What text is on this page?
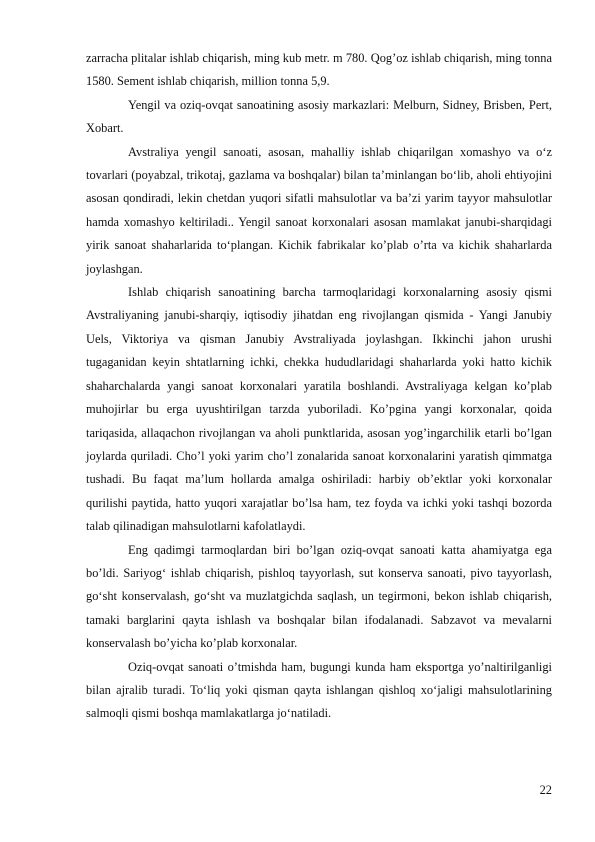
zarracha plitalar ishlab chiqarish, ming kub metr. m 780. Qog’oz ishlab chiqarish, ming tonna 1580. Sement ishlab chiqarish, million tonna 5,9.

Yengil va oziq-ovqat sanoatining asosiy markazlari: Melburn, Sidney, Brisben, Pert, Xobart.

Avstraliya yengil sanoati, asosan, mahalliy ishlab chiqarilgan xomashyo va o‘z tovarlari (poyabzal, trikotaj, gazlama va boshqalar) bilan ta’minlangan bo‘lib, aholi ehtiyojini asosan qondiradi, lekin chetdan yuqori sifatli mahsulotlar va ba’zi yarim tayyor mahsulotlar hamda xomashyo keltiriladi.. Yengil sanoat korxonalari asosan mamlakat janubi-sharqidagi yirik sanoat shaharlarida to‘plangan. Kichik fabrikalar ko’plab o’rta va kichik shaharlarda joylashgan.

Ishlab chiqarish sanoatining barcha tarmoqlaridagi korxonalarning asosiy qismi Avstraliyaning janubi-sharqiy, iqtisodiy jihatdan eng rivojlangan qismida - Yangi Janubiy Uels, Viktoriya va qisman Janubiy Avstraliyada joylashgan. Ikkinchi jahon urushi tugaganidan keyin shtatlarning ichki, chekka hududlaridagi shaharlarda yoki hatto kichik shaharchalarda yangi sanoat korxonalari yaratila boshlandi. Avstraliyaga kelgan ko’plab muhojirlar bu erga uyushtirilgan tarzda yuboriladi. Ko’pgina yangi korxonalar, qoida tariqasida, allaqachon rivojlangan va aholi punktlarida, asosan yog’ingarchilik etarli bo’lgan joylarda quriladi. Cho’l yoki yarim cho’l zonalarida sanoat korxonalarini yaratish qimmatga tushadi. Bu faqat ma’lum hollarda amalga oshiriladi: harbiy ob’ektlar yoki korxonalar qurilishi paytida, hatto yuqori xarajatlar bo’lsa ham, tez foyda va ichki yoki tashqi bozorda talab qilinadigan mahsulotlarni kafolatlaydi.

Eng qadimgi tarmoqlardan biri bo’lgan oziq-ovqat sanoati katta ahamiyatga ega bo’ldi. Sariyog‘ ishlab chiqarish, pishloq tayyorlash, sut konserva sanoati, pivo tayyorlash, go‘sht konservalash, go‘sht va muzlatgichda saqlash, un tegirmoni, bekon ishlab chiqarish, tamaki barglarini qayta ishlash va boshqalar bilan ifodalanadi. Sabzavot va mevalarni konservalash bo’yicha ko’plab korxonalar.

Oziq-ovqat sanoati o’tmishda ham, bugungi kunda ham eksportga yo’naltirilganligi bilan ajralib turadi. To‘liq yoki qisman qayta ishlangan qishloq xo‘jaligi mahsulotlarining salmoqli qismi boshqa mamlakatlarga jo‘natiladi.

22
